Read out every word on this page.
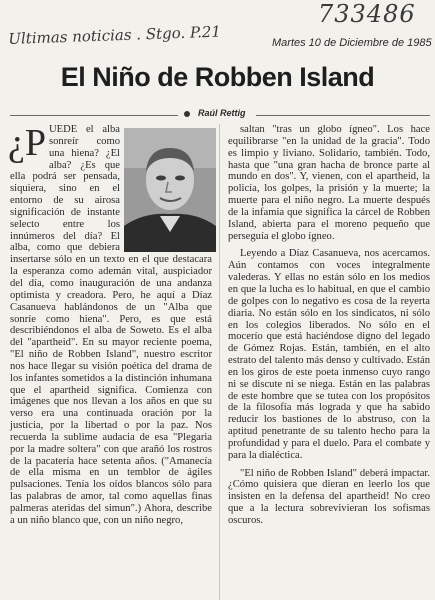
733486
Ultimas noticias . Stgo. P.21	Martes 10 de Diciembre de 1985
El Niño de Robben Island
Raúl Rettig

¿P UEDE el alba sonreír como una hiena? ¿El alba? ¿Es que ella podrá ser pensada, siquiera, sino en el entorno de su airosa significación de instante selecto entre los innúmeros del día? El alba, como que debiera insertarse sólo en un texto en el que destacara la esperanza como ademán vital, auspiciador del día, como inauguración de una andanza optimista y creadora. Pero, he aquí a Díaz Casanueva hablándonos de un "Alba que sonríe como hiena". Pero, es que está describiéndonos el alba de Soweto. Es el alba del "apartheid". En su mayor reciente poema, "El niño de Robben Island", nuestro escritor nos hace llegar su visión poética del drama de los infantes sometidos a la distinción inhumana que el apartheid significa. Comienza con imágenes que nos llevan a los años en que su verso era una continuada oración por la justicia, por la libertad o por la paz. Nos recuerda la sublime audacia de esa "Plegaria por la madre soltera" con que arañó los rostros de la pacatería hace setenta años. ("Amanecía de ella misma en un temblor de ágiles pulsaciones. Tenía los oídos blancos sólo para las palabras de amor, tal como aquellas finas palmeras ateridas del simun".) Ahora, describe a un niño blanco que, con un niño negro,

saltan "tras un globo ígneo". Los hace equilibrarse "en la unidad de la gracia". Todo es limpio y liviano. Solidario, también. Todo, hasta que "una gran hacha de bronce parte al mundo en dos". Y, vienen, con el apartheid, la policía, los golpes, la prisión y la muerte; la muerte para el niño negro. La muerte después de la infamia que significa la cárcel de Robben Island, abierta para el moreno pequeño que perseguía el globo ígneo.

Leyendo a Díaz Casanueva, nos acercamos. Aún contamos con voces integralmente valederas. Y ellas no están sólo en los medios en que la lucha es lo habitual, en que el cambio de golpes con lo negativo es cosa de la reyerta diaria. No están sólo en los sindicatos, ni sólo en los colegios liberados. No sólo en el mocerío que está haciéndose digno del legado de Gómez Rojas. Están, también, en el alto estrato del talento más denso y cultivado. Están en los giros de este poeta inmenso cuyo rango ni se discute ni se niega. Están en las palabras de este hombre que se tutea con los propósitos de la filosofía más lograda y que ha sabido reducir los bastiones de lo abstruso, con la aptitud penetrante de su talento hecho para la profundidad y para el duelo. Para el combate y para la dialéctica.

"El niño de Robben Island" deberá impactar. ¿Cómo quisiera que dieran en leerlo los que insisten en la defensa del apartheid! No creo que a la lectura sobrevivieran los sofismas oscuros.
